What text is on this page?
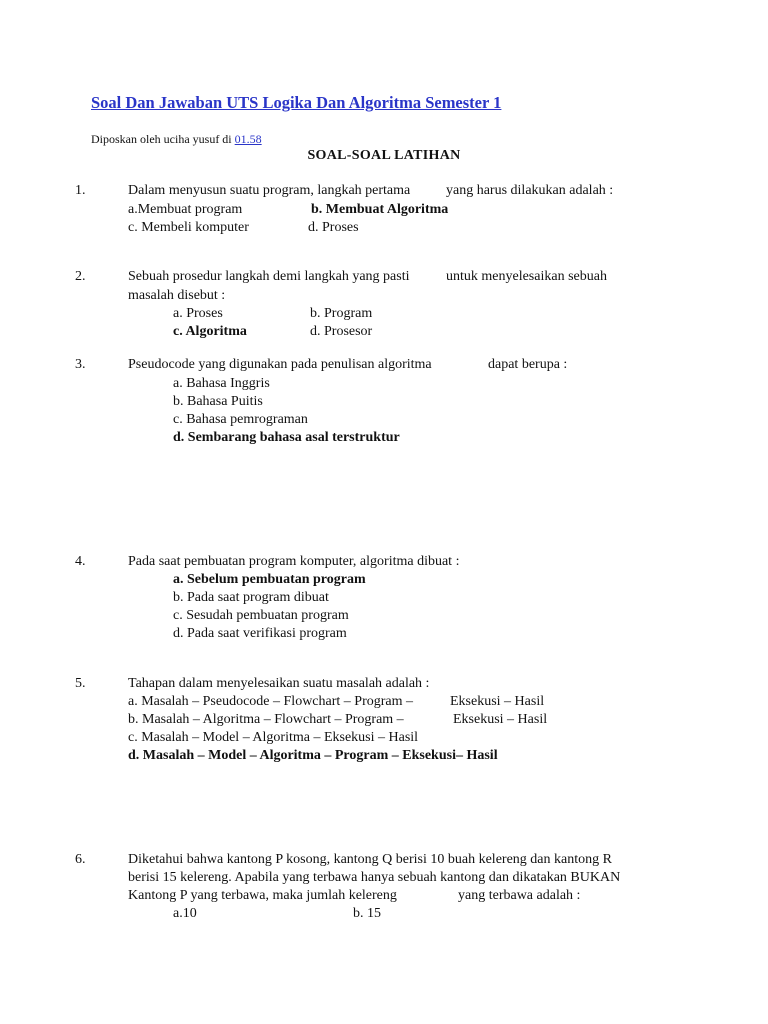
Soal Dan Jawaban UTS Logika Dan Algoritma Semester 1
Diposkan oleh uciha yusuf di 01.58
SOAL-SOAL LATIHAN
1.	Dalam menyusun suatu program, langkah pertama	yang harus dilakukan adalah :
a.Membuat program	b. Membuat Algoritma
c. Membeli komputer	d. Proses
2.	Sebuah prosedur langkah demi langkah yang pasti	untuk menyelesaikan sebuah
masalah disebut :
a. Proses	b. Program
c. Algoritma	d. Prosesor
3.	Pseudocode yang digunakan pada penulisan algoritma	dapat berupa :
a. Bahasa Inggris
b. Bahasa Puitis
c. Bahasa pemrograman
d. Sembarang bahasa asal terstruktur
4.	Pada saat pembuatan program komputer, algoritma dibuat :
a. Sebelum pembuatan program
b. Pada saat program dibuat
c. Sesudah pembuatan program
d. Pada saat verifikasi program
5.	Tahapan dalam menyelesaikan suatu masalah adalah :
a. Masalah – Pseudocode – Flowchart – Program –	Eksekusi – Hasil
b. Masalah – Algoritma – Flowchart – Program –	Eksekusi – Hasil
c. Masalah – Model – Algoritma – Eksekusi – Hasil
d. Masalah – Model – Algoritma – Program – Eksekusi– Hasil
6.	Diketahui bahwa kantong P kosong, kantong Q berisi 10 buah kelereng dan kantong R
berisi 15 kelereng. Apabila yang terbawa hanya sebuah kantong dan dikatakan BUKAN
Kantong P yang terbawa, maka jumlah kelereng	yang terbawa adalah :
a.10	b. 15
